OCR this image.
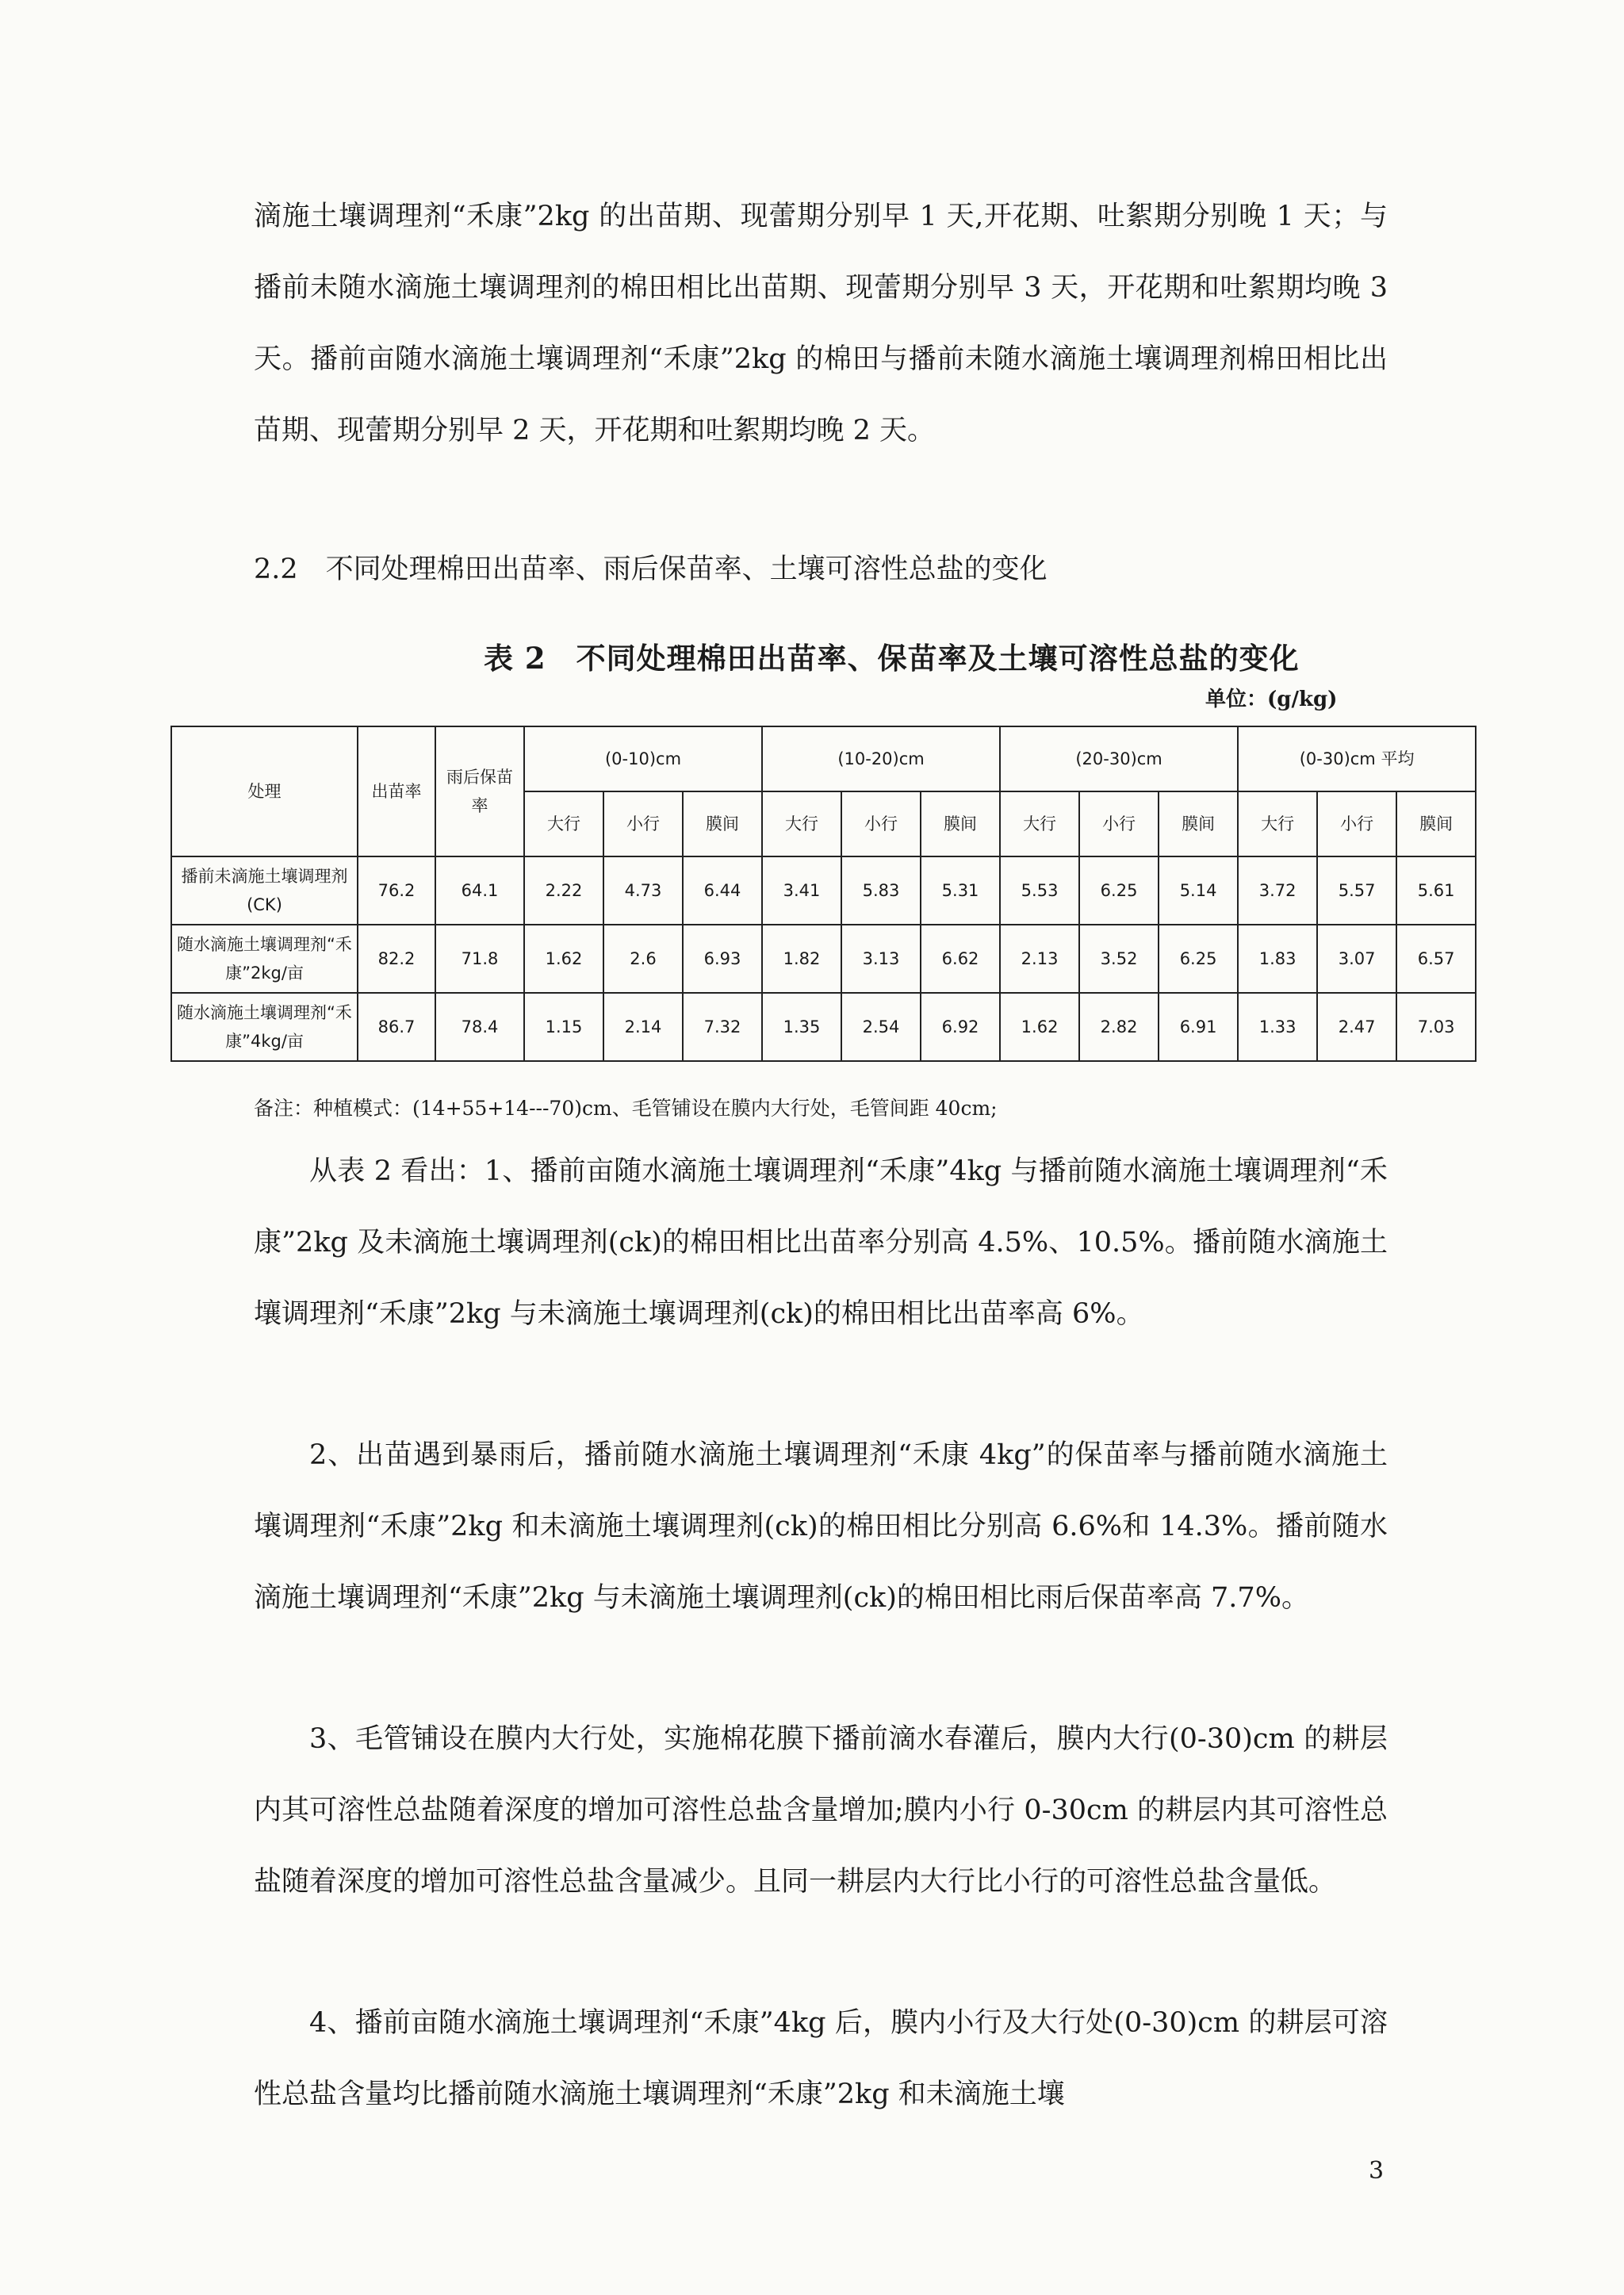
滴施土壤调理剂“禾康”2kg 的出苗期、现蕾期分别早 1 天,开花期、吐絮期分别晚 1 天；与播前未随水滴施土壤调理剂的棉田相比出苗期、现蕾期分别早 3 天，开花期和吐絮期均晚 3 天。播前亩随水滴施土壤调理剂“禾康”2kg 的棉田与播前未随水滴施土壤调理剂棉田相比出苗期、现蕾期分别早 2 天，开花期和吐絮期均晚 2 天。

2.2　不同处理棉田出苗率、雨后保苗率、土壤可溶性总盐的变化

表 2　不同处理棉田出苗率、保苗率及土壤可溶性总盐的变化

单位：(g/kg)

处理	出苗率	雨后保苗率	(0-10)cm			(10-20)cm			(20-30)cm			(0-30)cm 平均		
			大行	小行	膜间	大行	小行	膜间	大行	小行	膜间	大行	小行	膜间
播前未滴施土壤调理剂(CK)	76.2	64.1	2.22	4.73	6.44	3.41	5.83	5.31	5.53	6.25	5.14	3.72	5.57	5.61
随水滴施土壤调理剂“禾康”2kg/亩	82.2	71.8	1.62	2.6	6.93	1.82	3.13	6.62	2.13	3.52	6.25	1.83	3.07	6.57
随水滴施土壤调理剂“禾康”4kg/亩	86.7	78.4	1.15	2.14	7.32	1.35	2.54	6.92	1.62	2.82	6.91	1.33	2.47	7.03

备注：种植模式：(14+55+14---70)cm、毛管铺设在膜内大行处，毛管间距 40cm;

从表 2 看出：1、播前亩随水滴施土壤调理剂“禾康”4kg 与播前随水滴施土壤调理剂“禾康”2kg 及未滴施土壤调理剂(ck)的棉田相比出苗率分别高 4.5%、10.5%。播前随水滴施土壤调理剂“禾康”2kg 与未滴施土壤调理剂(ck)的棉田相比出苗率高 6%。

2、出苗遇到暴雨后，播前随水滴施土壤调理剂“禾康 4kg”的保苗率与播前随水滴施土壤调理剂“禾康”2kg 和未滴施土壤调理剂(ck)的棉田相比分别高 6.6%和 14.3%。播前随水滴施土壤调理剂“禾康”2kg 与未滴施土壤调理剂(ck)的棉田相比雨后保苗率高 7.7%。

3、毛管铺设在膜内大行处，实施棉花膜下播前滴水春灌后，膜内大行(0-30)cm 的耕层内其可溶性总盐随着深度的增加可溶性总盐含量增加;膜内小行 0-30cm 的耕层内其可溶性总盐随着深度的增加可溶性总盐含量减少。且同一耕层内大行比小行的可溶性总盐含量低。

4、播前亩随水滴施土壤调理剂“禾康”4kg 后，膜内小行及大行处(0-30)cm 的耕层可溶性总盐含量均比播前随水滴施土壤调理剂“禾康”2kg 和未滴施土壤

3
